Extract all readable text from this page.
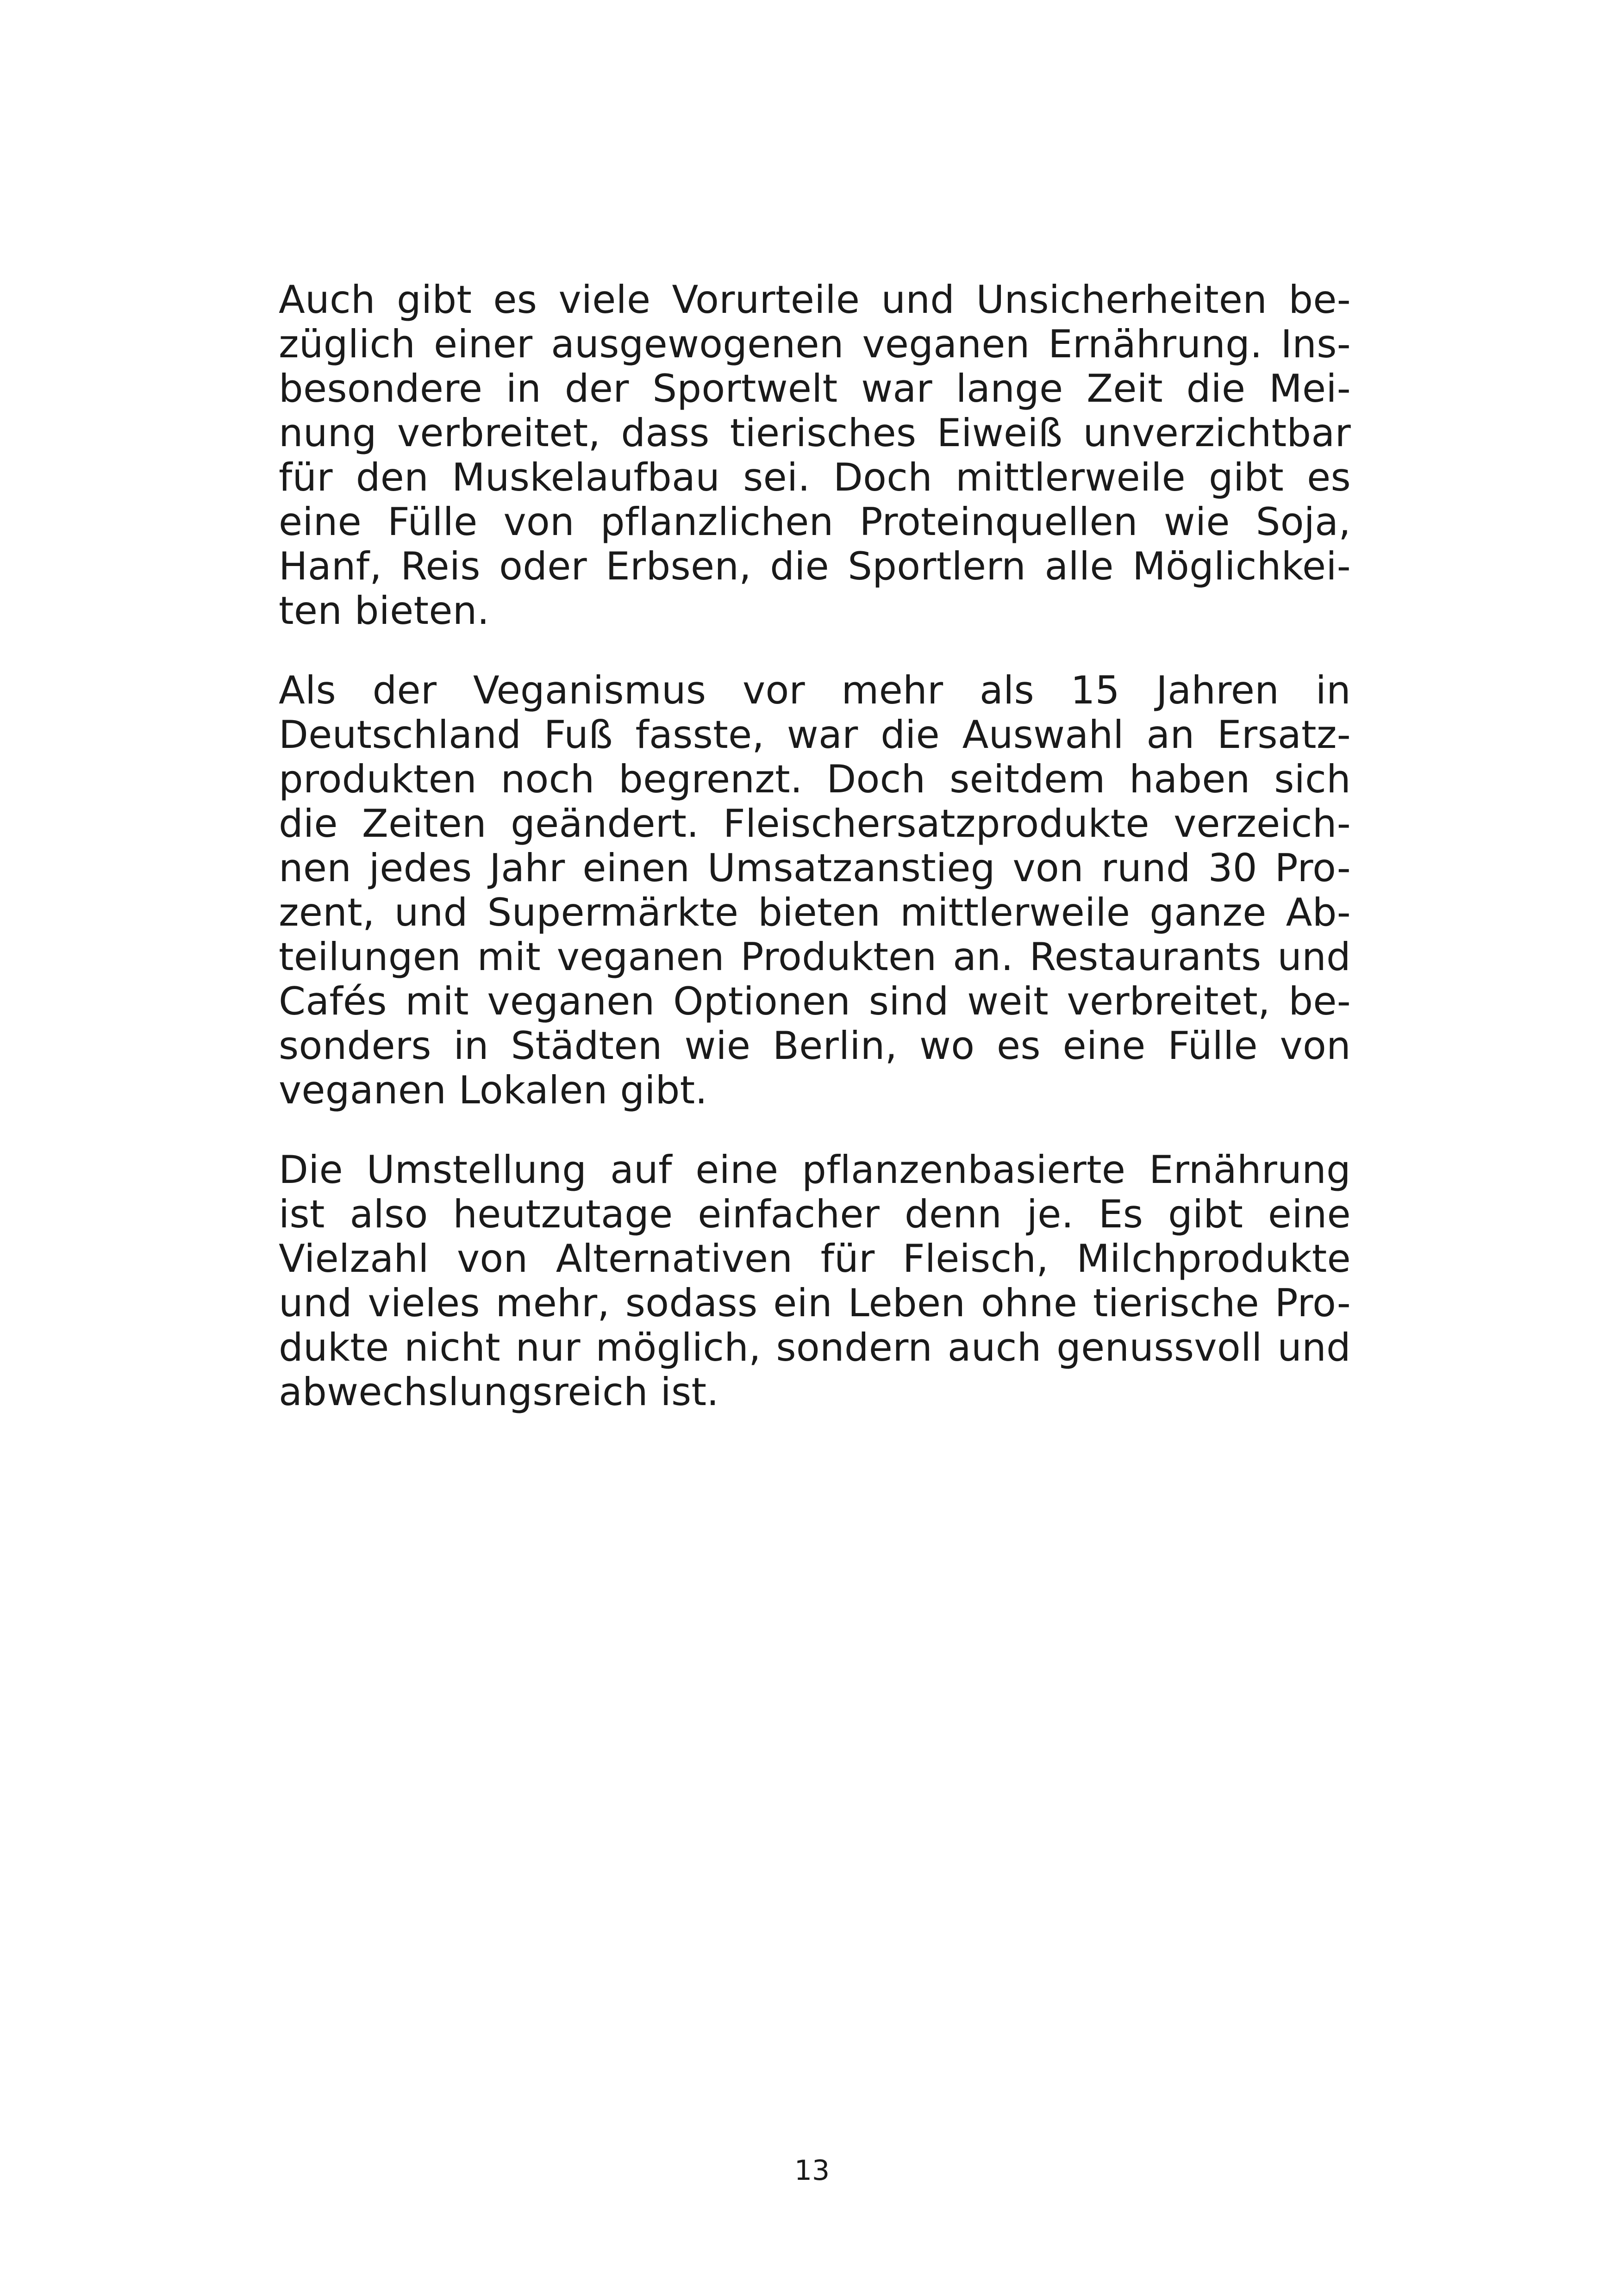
Auch gibt es viele Vorurteile und Unsicherheiten be-
züglich einer ausgewogenen veganen Ernährung. Ins-
besondere in der Sportwelt war lange Zeit die Mei-
nung verbreitet, dass tierisches Eiweiß unverzichtbar
für den Muskelaufbau sei. Doch mittlerweile gibt es
eine Fülle von pflanzlichen Proteinquellen wie Soja,
Hanf, Reis oder Erbsen, die Sportlern alle Möglichkei-
ten bieten.
Als der Veganismus vor mehr als 15 Jahren in
Deutschland Fuß fasste, war die Auswahl an Ersatz-
produkten noch begrenzt. Doch seitdem haben sich
die Zeiten geändert. Fleischersatzprodukte verzeich-
nen jedes Jahr einen Umsatzanstieg von rund 30 Pro-
zent, und Supermärkte bieten mittlerweile ganze Ab-
teilungen mit veganen Produkten an. Restaurants und
Cafés mit veganen Optionen sind weit verbreitet, be-
sonders in Städten wie Berlin, wo es eine Fülle von
veganen Lokalen gibt.
Die Umstellung auf eine pflanzenbasierte Ernährung
ist also heutzutage einfacher denn je. Es gibt eine
Vielzahl von Alternativen für Fleisch, Milchprodukte
und vieles mehr, sodass ein Leben ohne tierische Pro-
dukte nicht nur möglich, sondern auch genussvoll und
abwechslungsreich ist.
13
